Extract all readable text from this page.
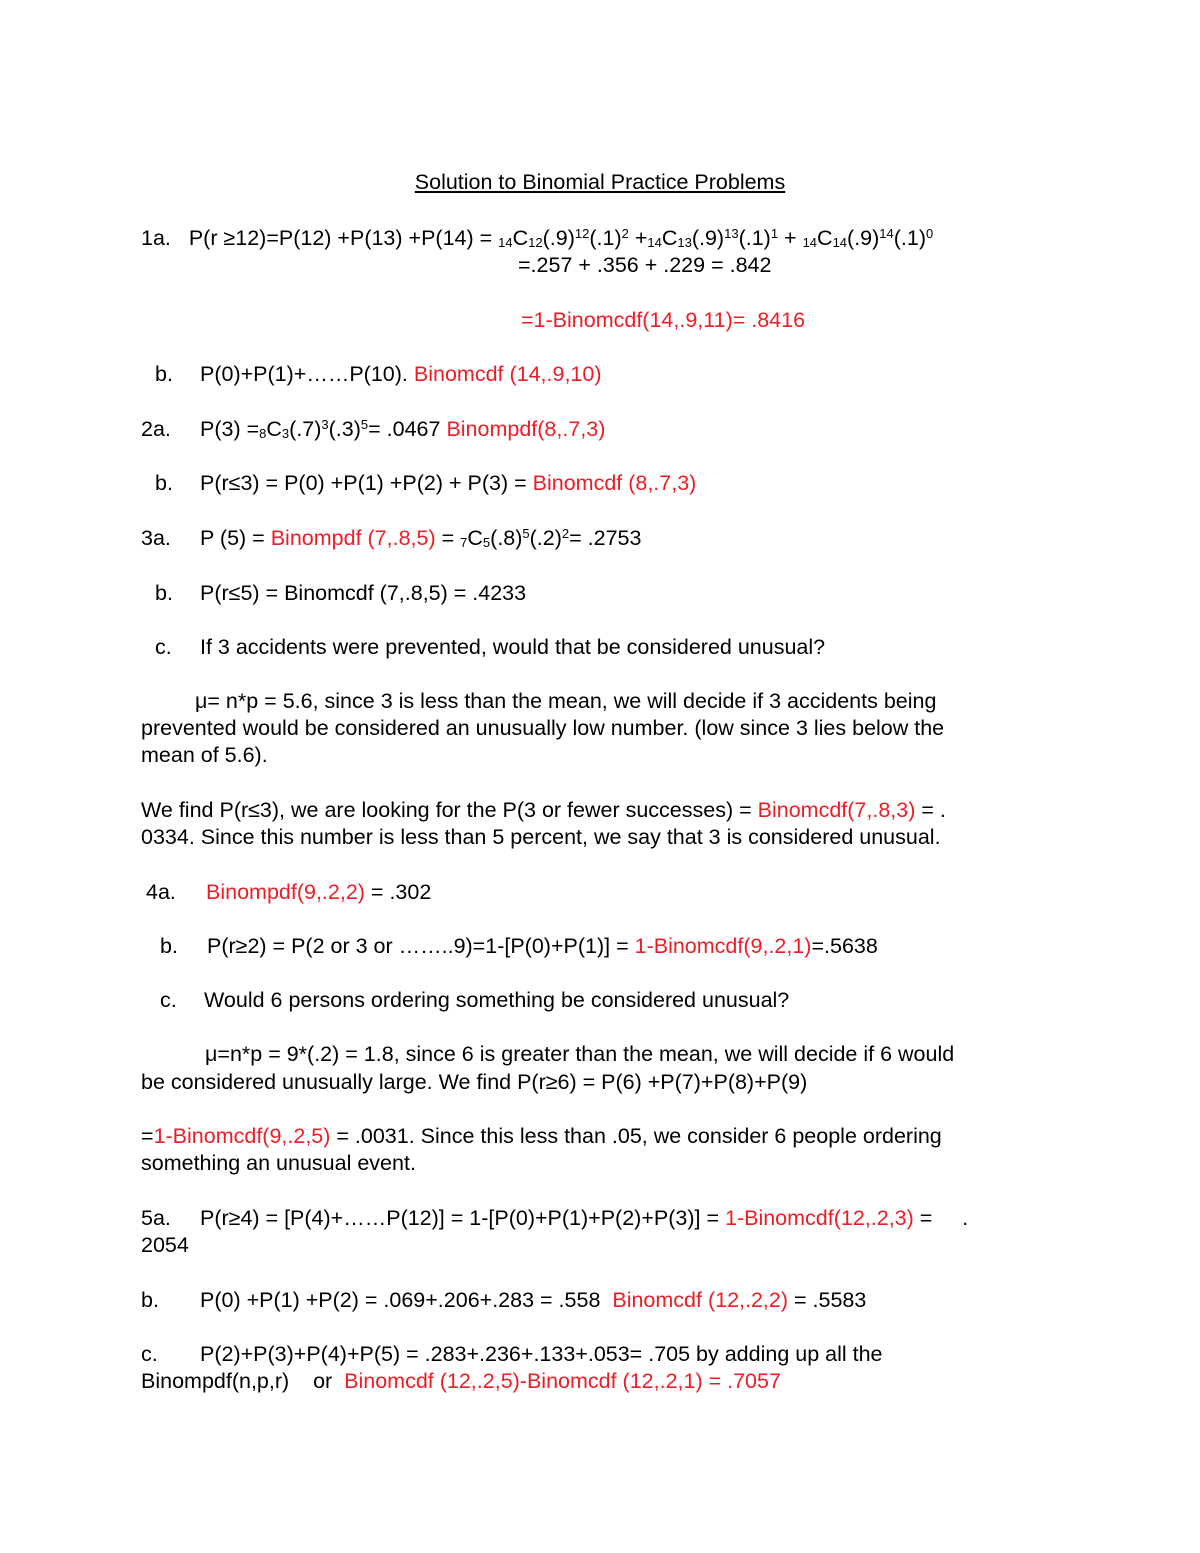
Solution to Binomial Practice Problems
1a. $P(r \ge 12)=P(12) +P(13) +P(14) = _{14}C_{12}(.9)^{12}(.1)^2 +_{14}C_{13}(.9)^{13}(.1)^1 + _{14}C_{14}(.9)^{14}(.1)^0$
=.257 + .356 + .229 = .842
=1-Binomcdf(14,.9,11)= .8416
b. P(0)+P(1)+……P(10). Binomcdf (14,.9,10)
2a. $P(3) =_8C_3(.7)^3(.3)^5= .0467$ Binompdf(8,.7,3)
b. P(r≤3) = P(0) +P(1) +P(2) + P(3) = Binomcdf (8,.7,3)
3a. P (5) = Binompdf $(7,.8,5) = _7C_5(.8)^5(.2)^2= .2753$
b. P(r≤5) = Binomcdf (7,.8,5) = .4233
c. If 3 accidents were prevented, would that be considered unusual?
μ= n*p = 5.6, since 3 is less than the mean, we will decide if 3 accidents being
prevented would be considered an unusually low number. (low since 3 lies below the
mean of 5.6).
We find P(r≤3), we are looking for the P(3 or fewer successes) = Binomcdf(7,.8,3) = .
0334. Since this number is less than 5 percent, we say that 3 is considered unusual.
4a. Binompdf(9,.2,2) = .302
b. P(r≥2) = P(2 or 3 or ……..9)=1-[P(0)+P(1)] = 1-Binomcdf(9,.2,1)=.5638
c. Would 6 persons ordering something be considered unusual?
μ=n*p = 9*(.2) = 1.8, since 6 is greater than the mean, we will decide if 6 would
be considered unusually large. We find P(r≥6) = P(6) +P(7)+P(8)+P(9)
=1-Binomcdf(9,.2,5) = .0031. Since this less than .05, we consider 6 people ordering
something an unusual event.
5a. P(r≥4) = [P(4)+……P(12)] = 1-[P(0)+P(1)+P(2)+P(3)] = 1-Binomcdf(12,.2,3) =     .
2054
b. P(0) +P(1) +P(2) = .069+.206+.283 = .558  Binomcdf (12,.2,2) = .5583
c. P(2)+P(3)+P(4)+P(5) = .283+.236+.133+.053= .705 by adding up all the
Binompdf(n,p,r)    or  Binomcdf (12,.2,5)-Binomcdf (12,.2,1) = .7057
